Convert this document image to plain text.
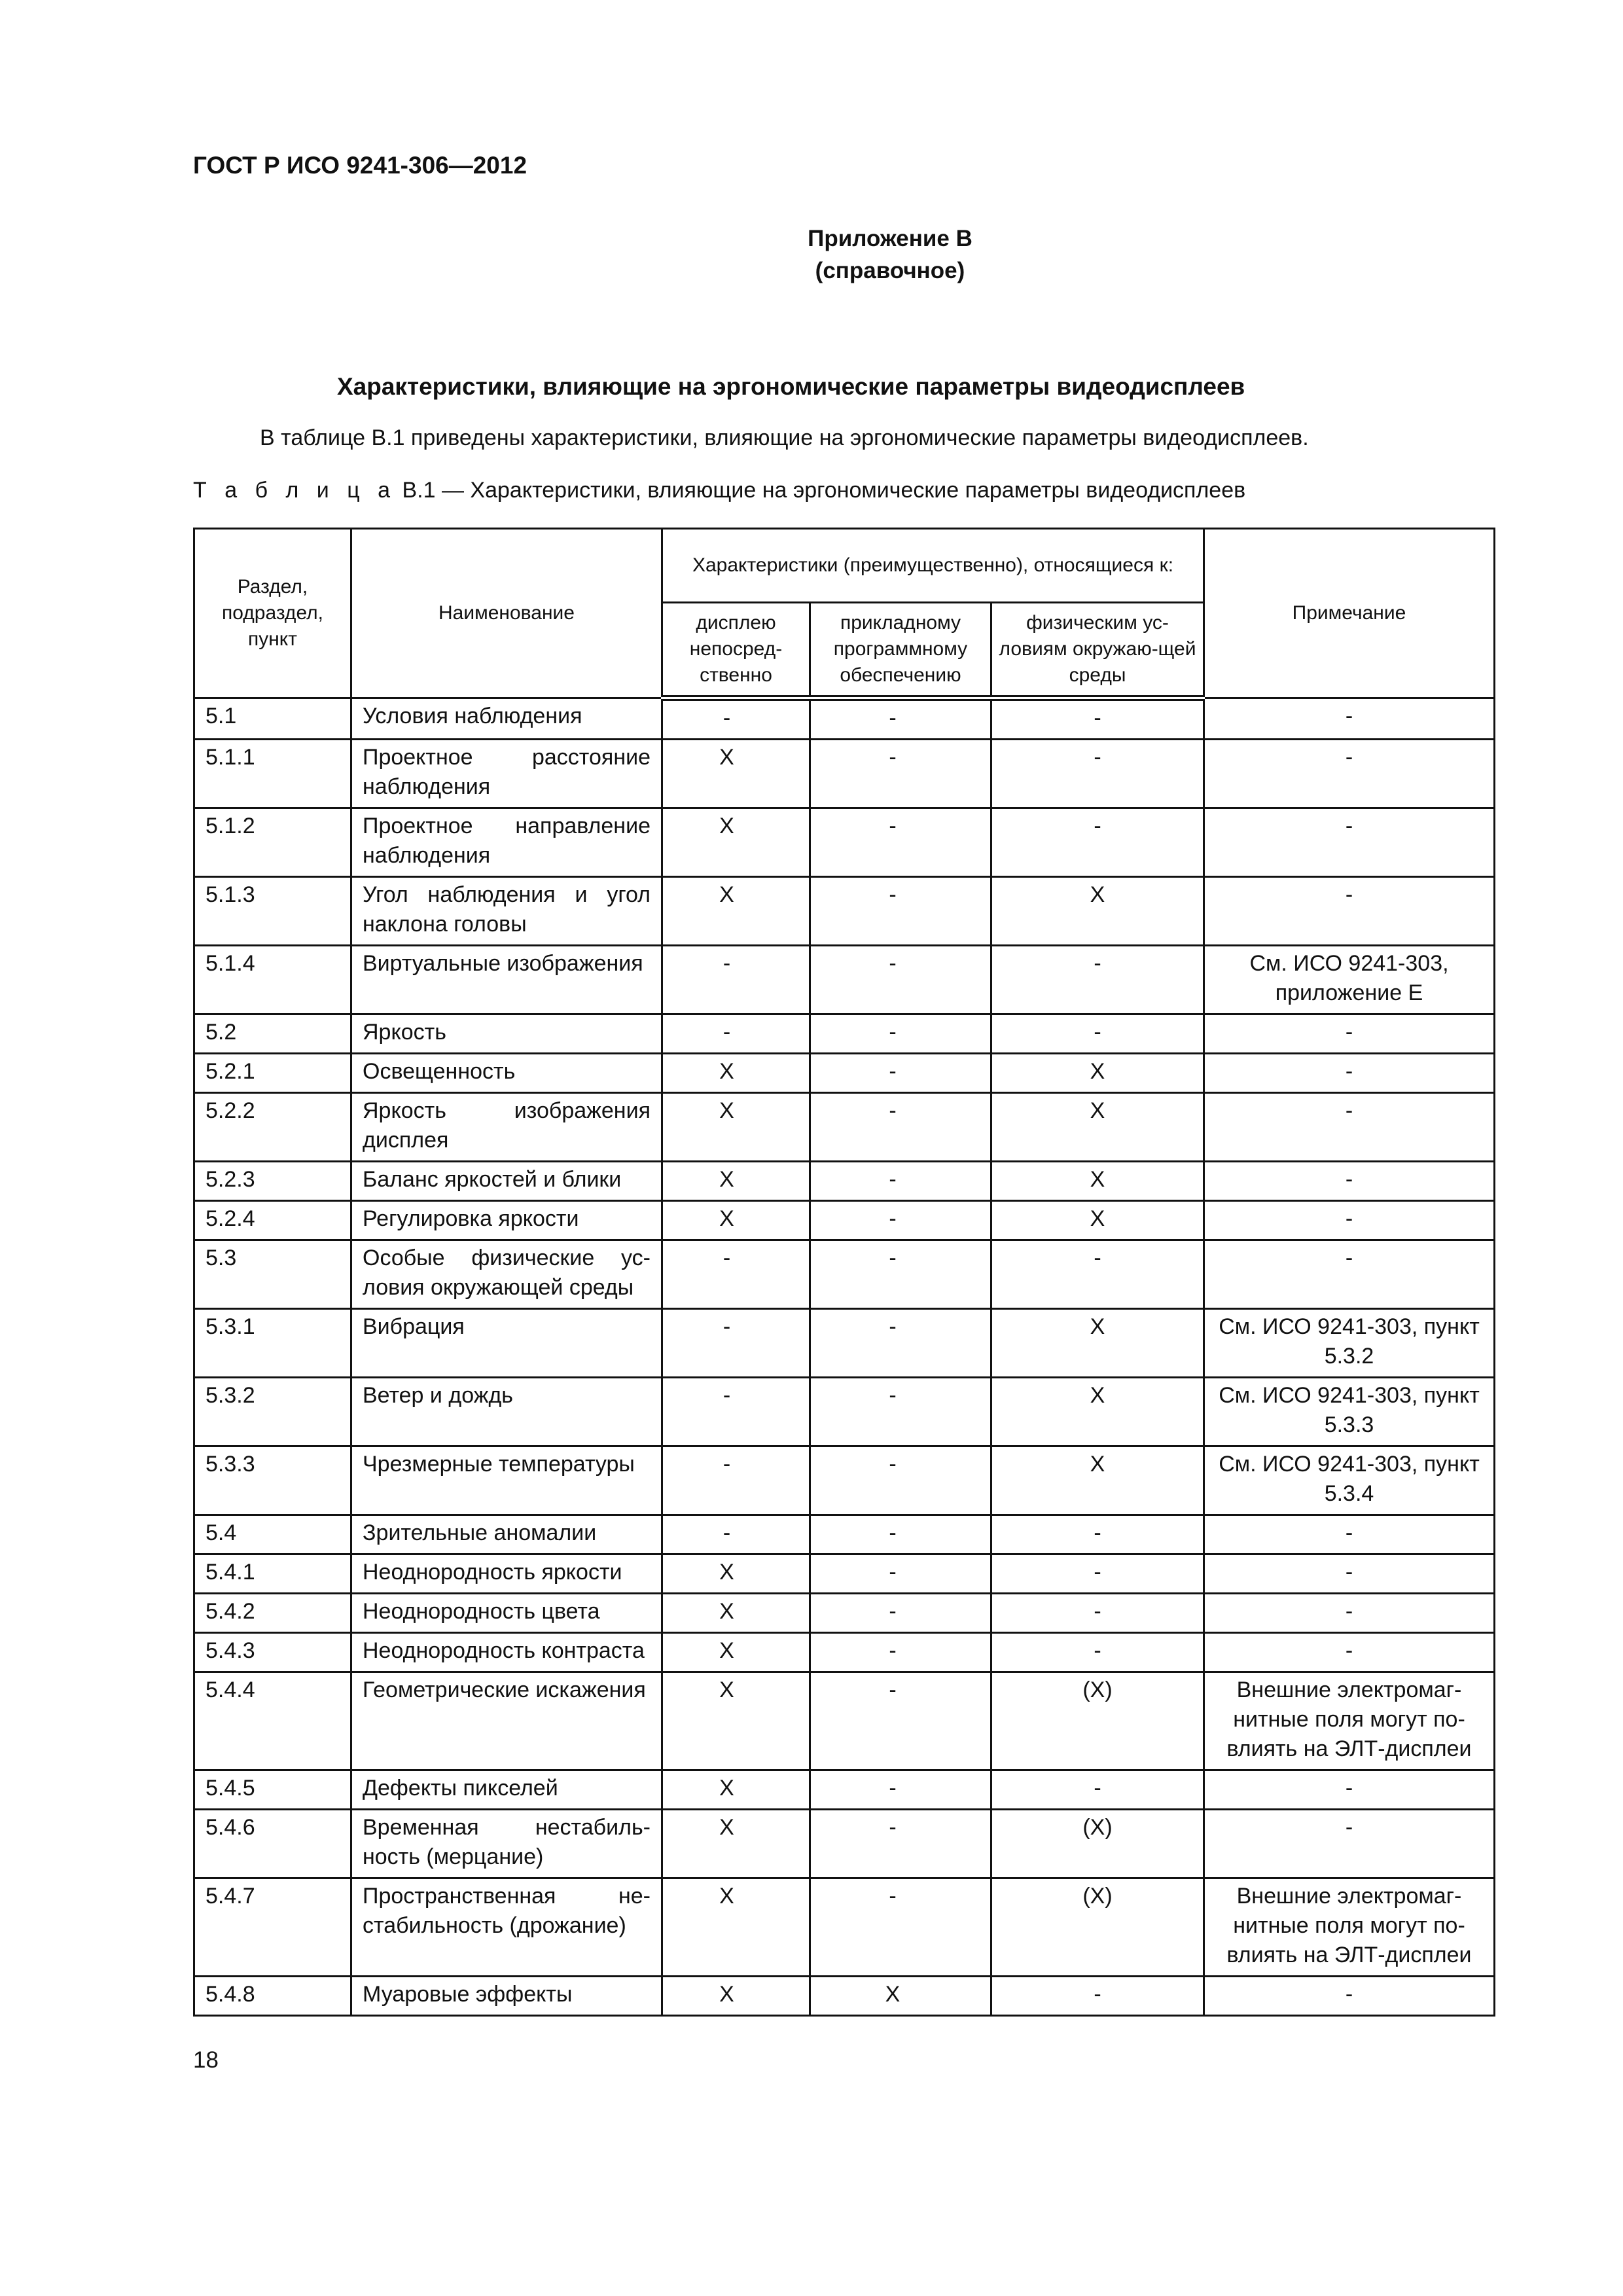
ГОСТ Р ИСО 9241-306—2012
Приложение В
(справочное)
Характеристики, влияющие на эргономические параметры видеодисплеев
В таблице В.1 приведены характеристики, влияющие на эргономические параметры видеодисплеев.
Т а б л и ц а В.1 — Характеристики, влияющие на эргономические параметры видеодисплеев
Раздел, подраздел, пункт	Наименование	Характеристики (преимущественно), относящиеся к:			Примечание
		дисплею непосред-ственно	прикладному программному обеспечению	физическим ус-ловиям окружаю-щей среды	
5.1	Условия наблюдения	-	-	-	-
5.1.1	Проектное расстояние наблюдения	X	-	-	-
5.1.2	Проектное направление наблюдения	X	-	-	-
5.1.3	Угол наблюдения и угол наклона головы	X	-	X	-
5.1.4	Виртуальные изображения	-	-	-	См. ИСО 9241-303, приложение Е
5.2	Яркость	-	-	-	-
5.2.1	Освещенность	X	-	X	-
5.2.2	Яркость изображения дисплея	X	-	X	-
5.2.3	Баланс яркостей и блики	X	-	X	-
5.2.4	Регулировка яркости	X	-	X	-
5.3	Особые физические ус-ловия окружающей среды	-	-	-	-
5.3.1	Вибрация	-	-	X	См. ИСО 9241-303, пункт 5.3.2
5.3.2	Ветер и дождь	-	-	X	См. ИСО 9241-303, пункт 5.3.3
5.3.3	Чрезмерные температуры	-	-	X	См. ИСО 9241-303, пункт 5.3.4
5.4	Зрительные аномалии	-	-	-	-
5.4.1	Неоднородность яркости	X	-	-	-
5.4.2	Неоднородность цвета	X	-	-	-
5.4.3	Неоднородность контраста	X	-	-	-
5.4.4	Геометрические искажения	X	-	(X)	Внешние электромаг-нитные поля могут по-влиять на ЭЛТ-дисплеи
5.4.5	Дефекты пикселей	X	-	-	-
5.4.6	Временная нестабиль-ность (мерцание)	X	-	(X)	-
5.4.7	Пространственная не-стабильность (дрожание)	X	-	(X)	Внешние электромаг-нитные поля могут по-влиять на ЭЛТ-дисплеи
5.4.8	Муаровые эффекты	X	X	-	-
18
